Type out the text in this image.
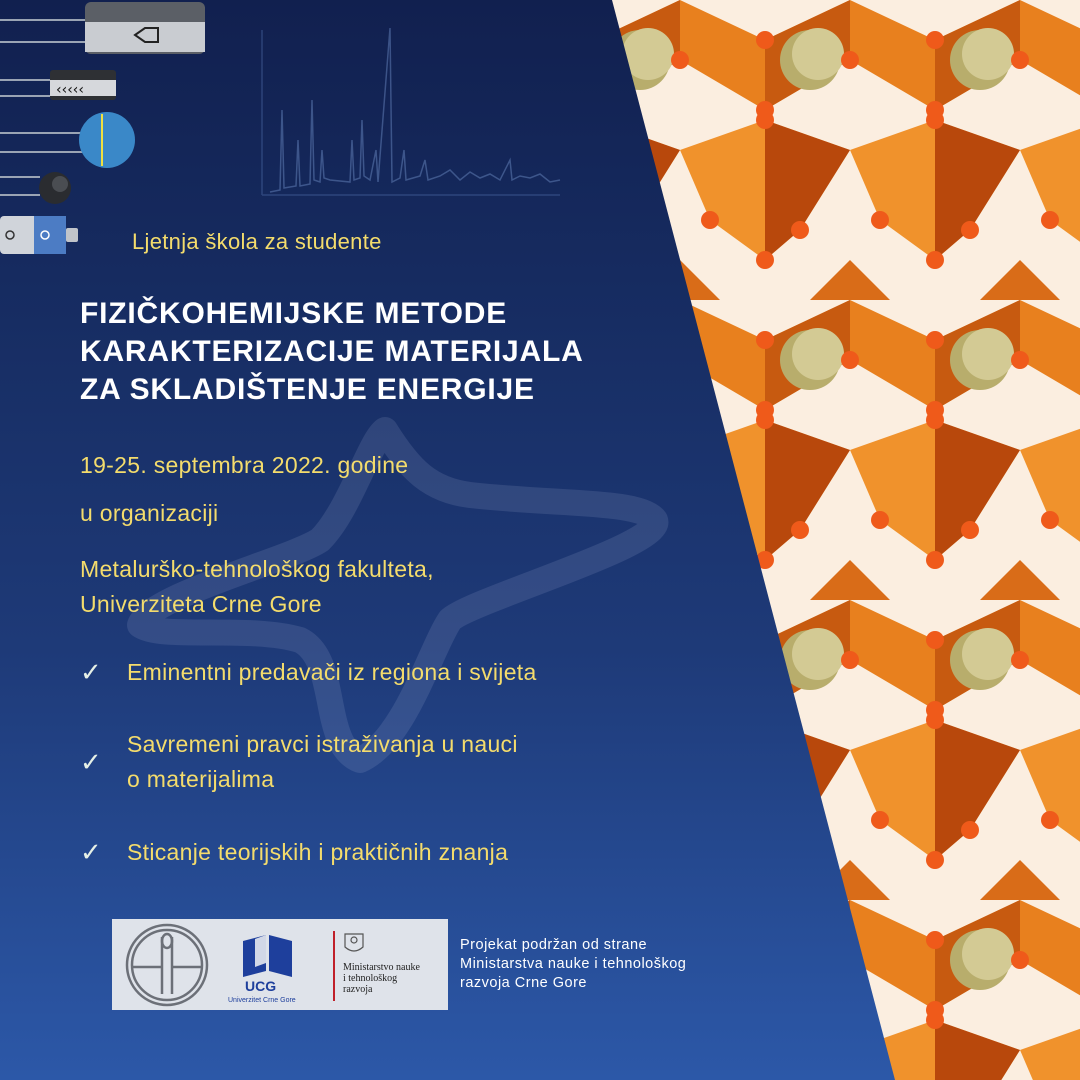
‹‹‹‹‹
Ljetnja škola za studente
FIZIČKOHEMIJSKE METODE
KARAKTERIZACIJE MATERIJALA
ZA SKLADIŠTENJE ENERGIJE
19-25. septembra 2022. godine
u organizaciji
Metalurško-tehnološkog fakulteta,
Univerziteta Crne Gore
✓ Eminentni predavači iz regiona i svijeta
✓
Savremeni pravci istraživanja u nauci
o materijalima
✓ Sticanje teorijskih i praktičnih znanja
UCG
Univerzitet Crne Gore
Ministarstvo nauke
i tehnološkog
razvoja
Projekat podržan od strane
Ministarstva nauke i tehnološkog
razvoja Crne Gore
